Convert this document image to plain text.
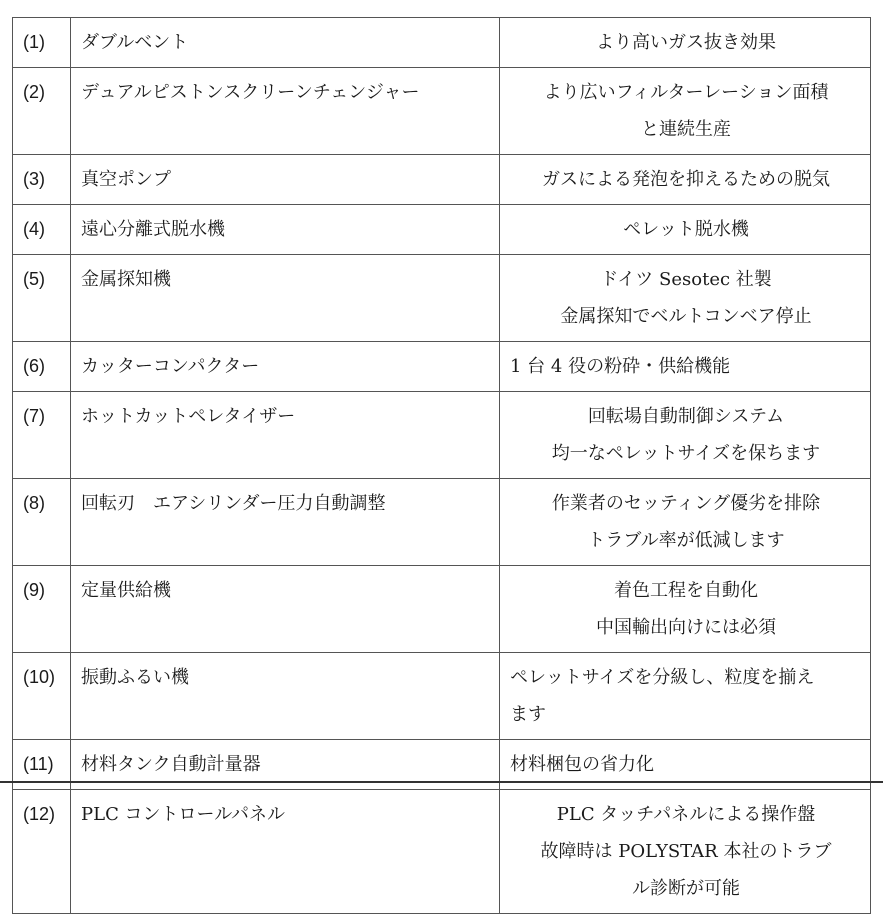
(1)	ダブルベント	より高いガス抜き効果

(2)	デュアルピストンスクリーンチェンジャー	より広いフィルターレーション面積
と連続生産

(3)	真空ポンプ	ガスによる発泡を抑えるための脱気

(4)	遠心分離式脱水機	ペレット脱水機

(5)	金属探知機	ドイツ Sesotec 社製
金属探知でベルトコンベア停止

(6)	カッターコンパクター	1 台 4 役の粉砕・供給機能

(7)	ホットカットペレタイザー	回転場自動制御システム
均一なペレットサイズを保ちます

(8)	回転刃　エアシリンダー圧力自動調整	作業者のセッティング優劣を排除
トラブル率が低減します

(9)	定量供給機	着色工程を自動化
中国輸出向けには必須

(10)	振動ふるい機	ペレットサイズを分級し、粒度を揃え
ます

(11)	材料タンク自動計量器	材料梱包の省力化

(12)	PLC コントロールパネル	PLC タッチパネルによる操作盤
故障時は POLYSTAR 本社のトラブ
ル診断が可能
